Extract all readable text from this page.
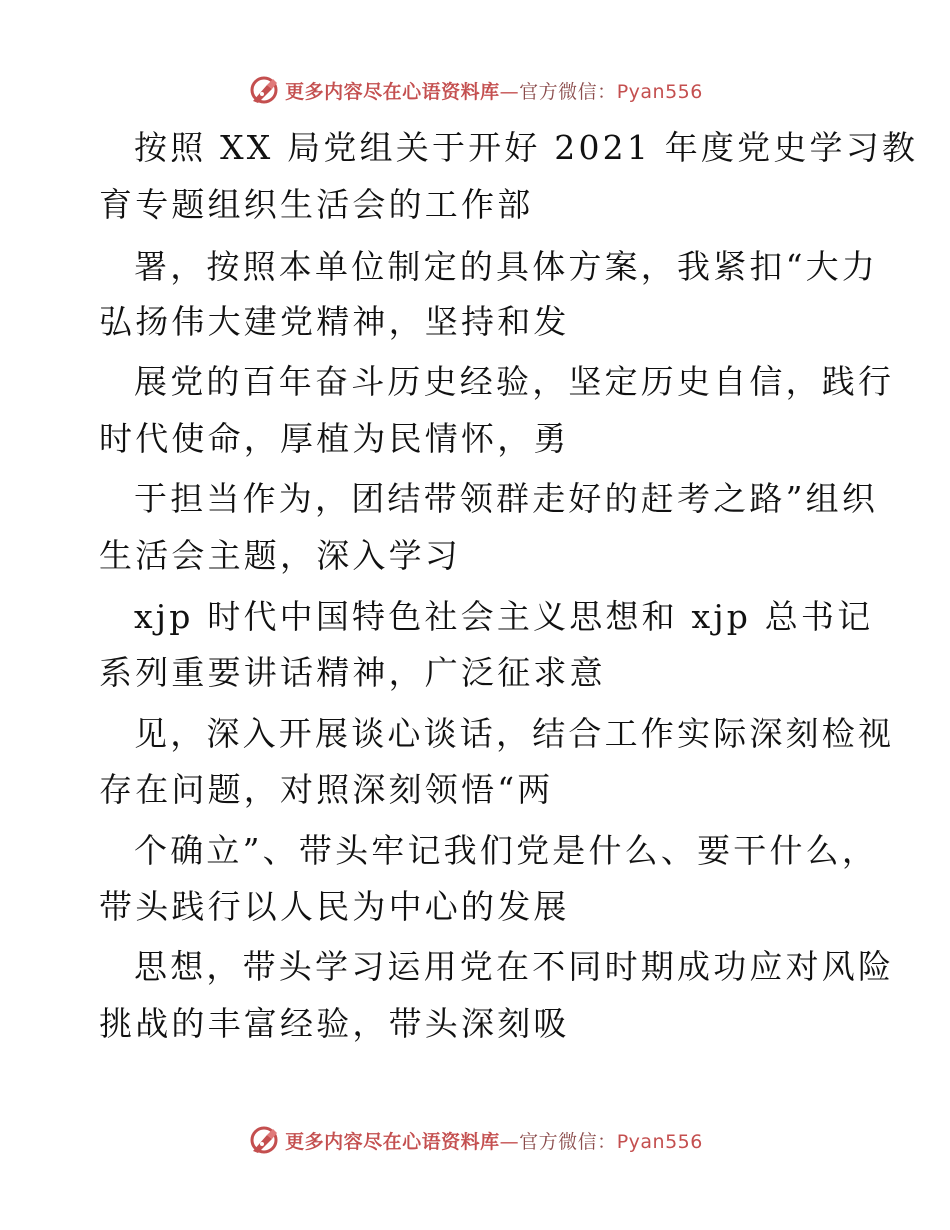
更多内容尽在心语资料库—官方微信：Pyan556
按照 XX 局党组关于开好 2021 年度党史学习教
育专题组织生活会的工作部
署，按照本单位制定的具体方案，我紧扣“大力
弘扬伟大建党精神，坚持和发
展党的百年奋斗历史经验，坚定历史自信，践行
时代使命，厚植为民情怀，勇
于担当作为，团结带领群走好的赶考之路”组织
生活会主题，深入学习
xjp 时代中国特色社会主义思想和 xjp 总书记
系列重要讲话精神，广泛征求意
见，深入开展谈心谈话，结合工作实际深刻检视
存在问题，对照深刻领悟“两
个确立”、带头牢记我们党是什么、要干什么，
带头践行以人民为中心的发展
思想，带头学习运用党在不同时期成功应对风险
挑战的丰富经验，带头深刻吸
更多内容尽在心语资料库—官方微信：Pyan556
